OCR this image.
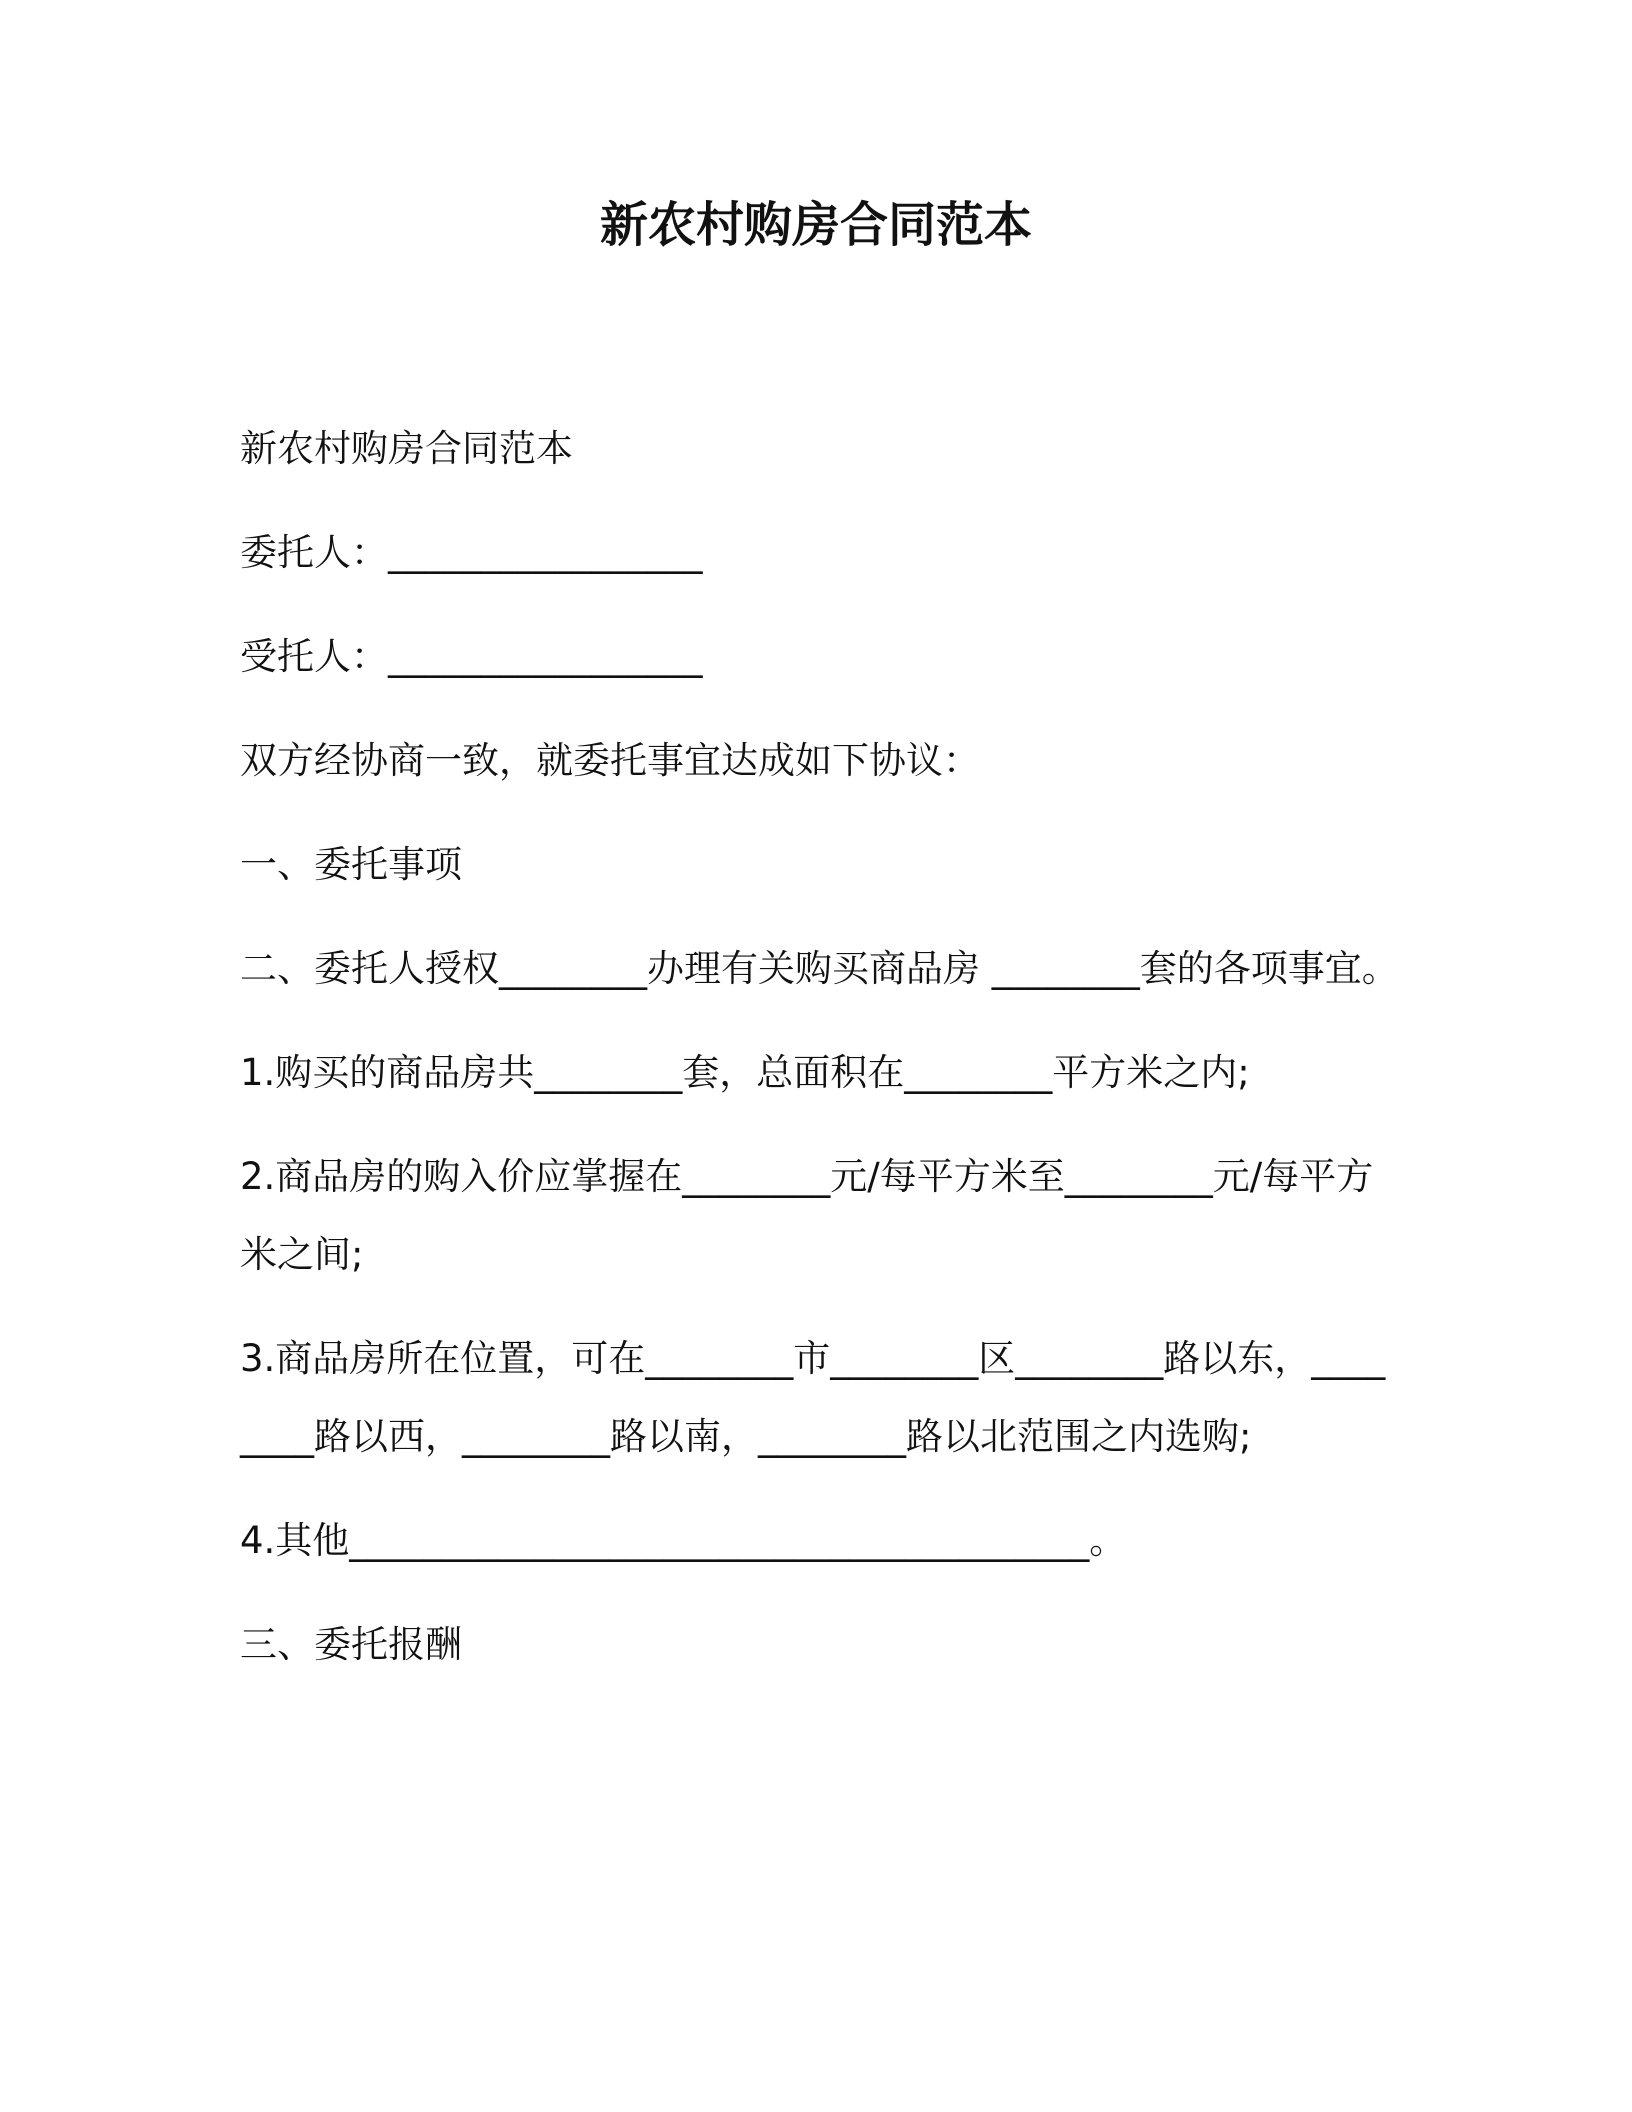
新农村购房合同范本

新农村购房合同范本

委托人：_________________

受托人：_________________

双方经协商一致，就委托事宜达成如下协议：

一、委托事项

二、委托人授权________办理有关购买商品房 ________套的各项事宜。

1.购买的商品房共________套，总面积在________平方米之内;

2.商品房的购入价应掌握在________元/每平方米至________元/每平方米之间;

3.商品房所在位置，可在________市________区________路以东，________路以西，________路以南，________路以北范围之内选购;

4.其他________________________________________。

三、委托报酬
